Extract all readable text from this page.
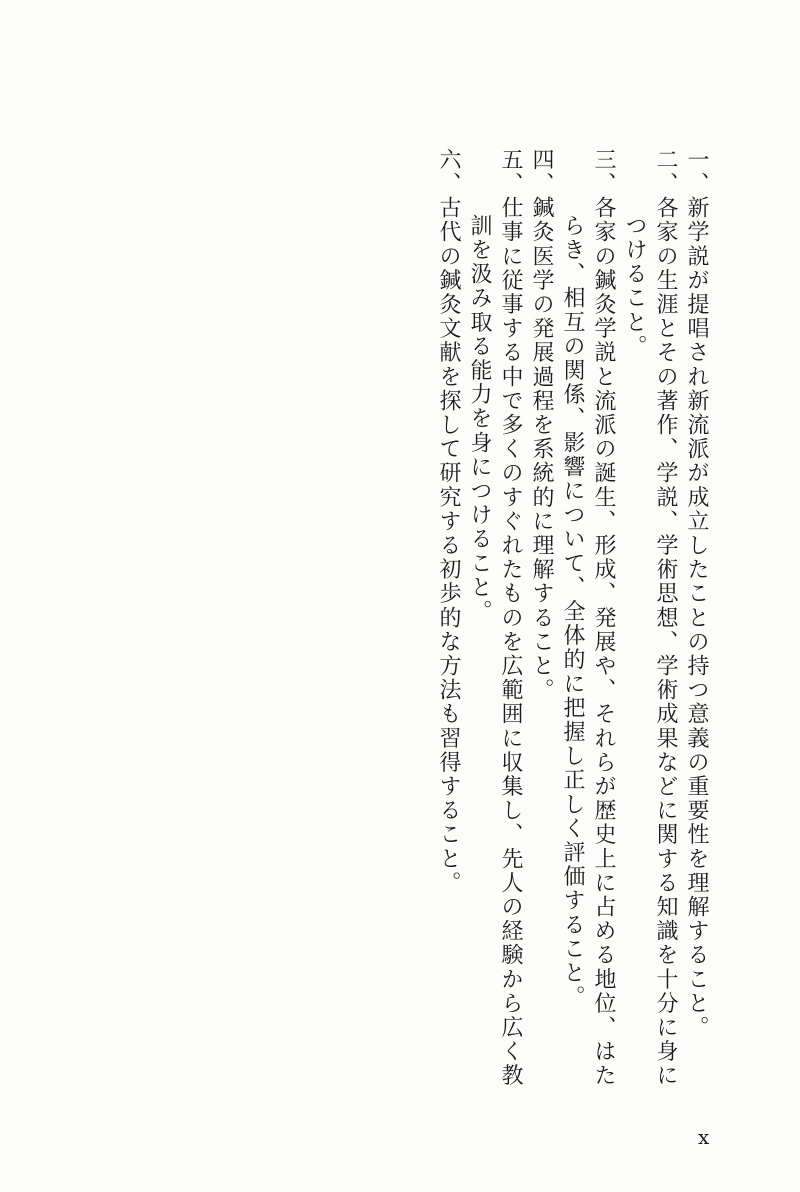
一、新学説が提唱され新流派が成立したことの持つ意義の重要性を理解すること。

二、各家の生涯とその著作、学説、学術思想、学術成果などに関する知識を十分に身につけること。

三、各家の鍼灸学説と流派の誕生、形成、発展や、それらが歴史上に占める地位、はたらき、相互の関係、影響について、全体的に把握し正しく評価すること。

四、鍼灸医学の発展過程を系統的に理解すること。

五、仕事に従事する中で多くのすぐれたものを広範囲に収集し、先人の経験から広く教訓を汲み取る能力を身につけること。

六、古代の鍼灸文献を探して研究する初歩的な方法も習得すること。

x
